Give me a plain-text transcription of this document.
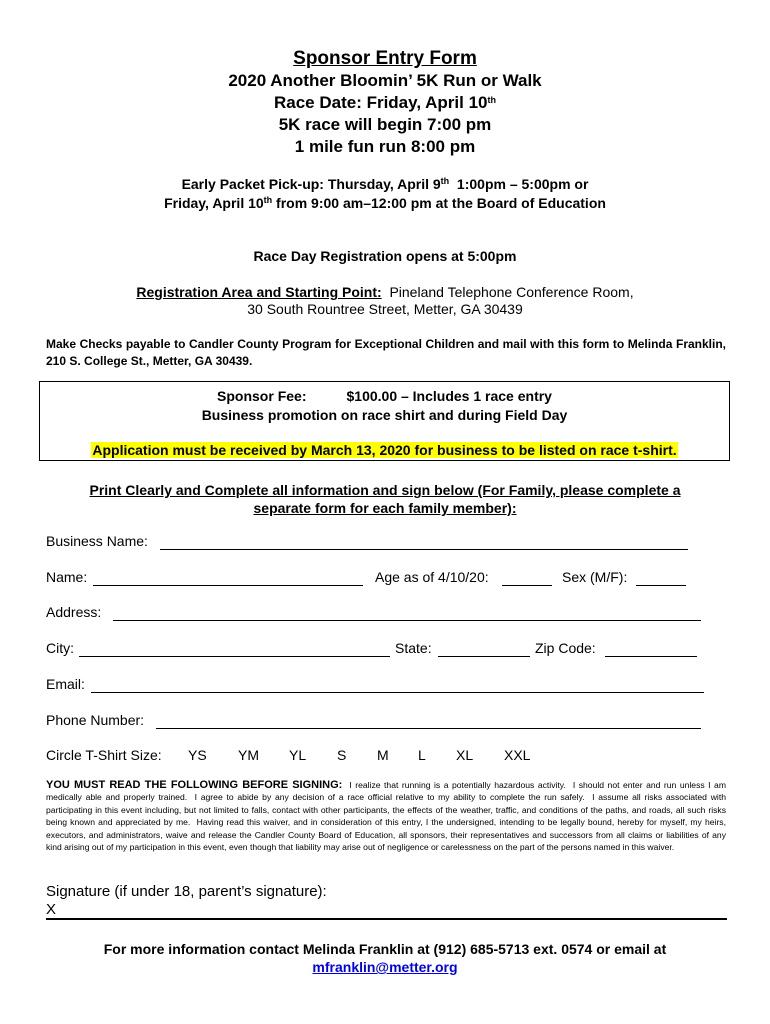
Sponsor Entry Form
2020 Another Bloomin’ 5K Run or Walk
Race Date: Friday, April 10th
5K race will begin 7:00 pm
1 mile fun run 8:00 pm
Early Packet Pick-up: Thursday, April 9th  1:00pm – 5:00pm or
Friday, April 10th from 9:00 am–12:00 pm at the Board of Education
Race Day Registration opens at 5:00pm
Registration Area and Starting Point:  Pineland Telephone Conference Room,
30 South Rountree Street, Metter, GA 30439
Make Checks payable to Candler County Program for Exceptional Children and mail with this form to Melinda Franklin, 210 S. College St., Metter, GA 30439.
Sponsor Fee:	$100.00 – Includes 1 race entry
Business promotion on race shirt and during Field Day
Application must be received by March 13, 2020 for business to be listed on race t-shirt.
Print Clearly and Complete all information and sign below (For Family, please complete a separate form for each family member):
Business Name:
Name:	Age as of 4/10/20:	Sex (M/F):
Address:
City:	State:	Zip Code:
Email:
Phone Number:
Circle T-Shirt Size: YS YM YL S M L XL XXL
YOU MUST READ THE FOLLOWING BEFORE SIGNING:  I realize that running is a potentially hazardous activity.  I should not enter and run unless I am medically able and properly trained.  I agree to abide by any decision of a race official relative to my ability to complete the run safely.  I assume all risks associated with participating in this event including, but not limited to falls, contact with other participants, the effects of the weather, traffic, and conditions of the paths, and roads, all such risks being known and appreciated by me.  Having read this waiver, and in consideration of this entry, I the undersigned, intending to be legally bound, hereby for myself, my heirs, executors, and administrators, waive and release the Candler County Board of Education, all sponsors, their representatives and successors from all claims or liabilities of any kind arising out of my participation in this event, even though that liability may arise out of negligence or carelessness on the part of the persons named in this waiver.
Signature (if under 18, parent’s signature):
X
For more information contact Melinda Franklin at (912) 685-5713 ext. 0574 or email at
mfranklin@metter.org
